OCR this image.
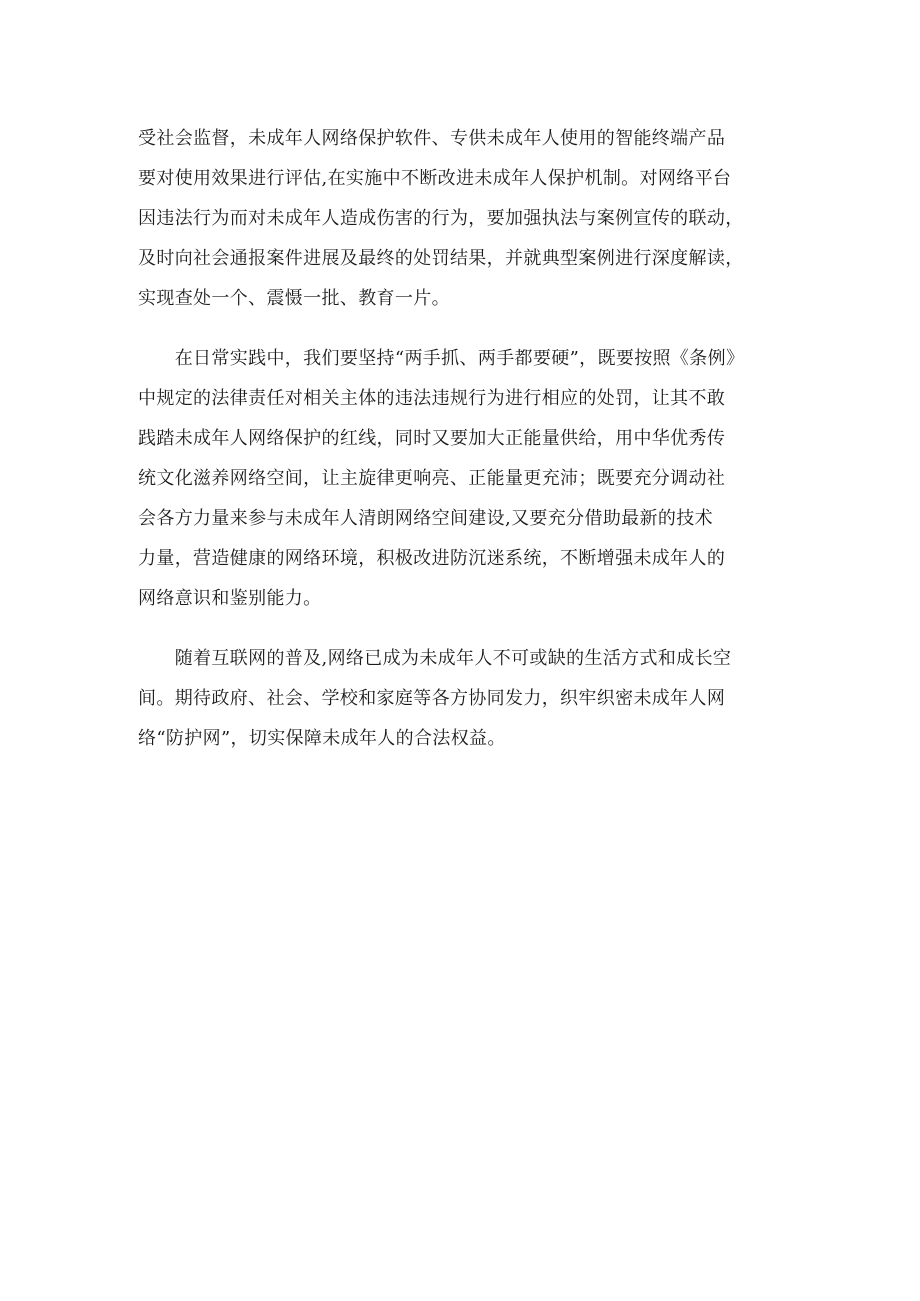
受社会监督，未成年人网络保护软件、专供未成年人使用的智能终端产品
要对使用效果进行评估,在实施中不断改进未成年人保护机制。对网络平台
因违法行为而对未成年人造成伤害的行为，要加强执法与案例宣传的联动，
及时向社会通报案件进展及最终的处罚结果，并就典型案例进行深度解读，
实现查处一个、震慑一批、教育一片。
　　在日常实践中，我们要坚持“两手抓、两手都要硬”，既要按照《条例》
中规定的法律责任对相关主体的违法违规行为进行相应的处罚，让其不敢
践踏未成年人网络保护的红线，同时又要加大正能量供给，用中华优秀传
统文化滋养网络空间，让主旋律更响亮、正能量更充沛；既要充分调动社
会各方力量来参与未成年人清朗网络空间建设,又要充分借助最新的技术
力量，营造健康的网络环境，积极改进防沉迷系统，不断增强未成年人的
网络意识和鉴别能力。
　　随着互联网的普及,网络已成为未成年人不可或缺的生活方式和成长空
间。期待政府、社会、学校和家庭等各方协同发力，织牢织密未成年人网
络“防护网”，切实保障未成年人的合法权益。
